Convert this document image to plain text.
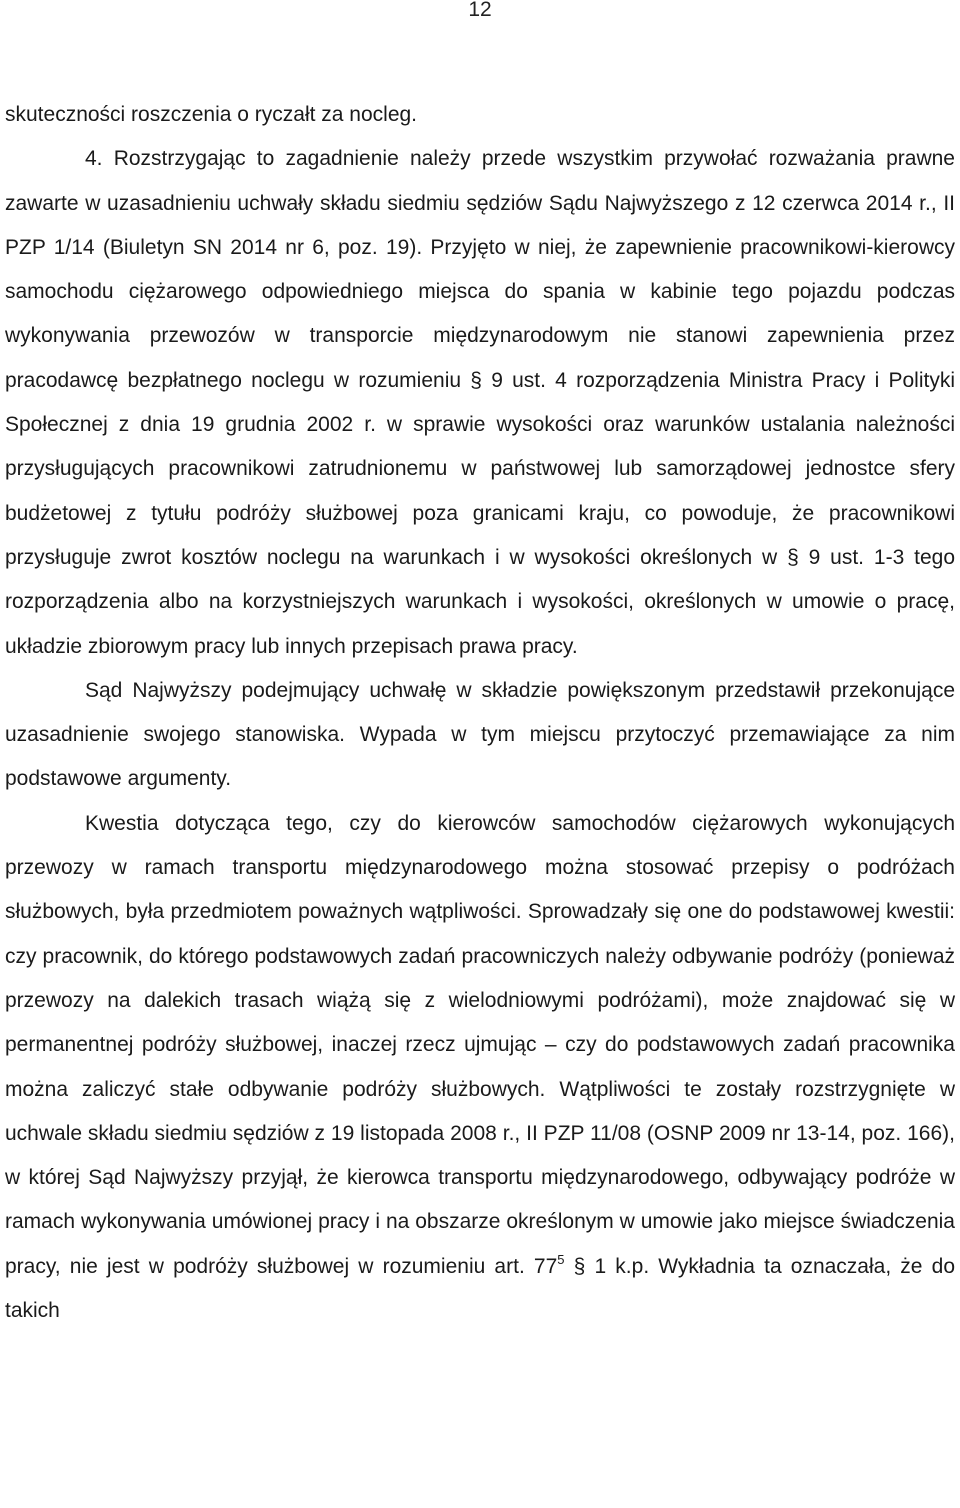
12

skuteczności roszczenia o ryczałt za nocleg.

4. Rozstrzygając to zagadnienie należy przede wszystkim przywołać rozważania prawne zawarte w uzasadnieniu uchwały składu siedmiu sędziów Sądu Najwyższego z 12 czerwca 2014 r., II PZP 1/14 (Biuletyn SN 2014 nr 6, poz. 19). Przyjęto w niej, że zapewnienie pracownikowi-kierowcy samochodu ciężarowego odpowiedniego miejsca do spania w kabinie tego pojazdu podczas wykonywania przewozów w transporcie międzynarodowym nie stanowi zapewnienia przez pracodawcę bezpłatnego noclegu w rozumieniu § 9 ust. 4 rozporządzenia Ministra Pracy i Polityki Społecznej z dnia 19 grudnia 2002 r. w sprawie wysokości oraz warunków ustalania należności przysługujących pracownikowi zatrudnionemu w państwowej lub samorządowej jednostce sfery budżetowej z tytułu podróży służbowej poza granicami kraju, co powoduje, że pracownikowi przysługuje zwrot kosztów noclegu na warunkach i w wysokości określonych w § 9 ust. 1-3 tego rozporządzenia albo na korzystniejszych warunkach i wysokości, określonych w umowie o pracę, układzie zbiorowym pracy lub innych przepisach prawa pracy.

Sąd Najwyższy podejmujący uchwałę w składzie powiększonym przedstawił przekonujące uzasadnienie swojego stanowiska. Wypada w tym miejscu przytoczyć przemawiające za nim podstawowe argumenty.

Kwestia dotycząca tego, czy do kierowców samochodów ciężarowych wykonujących przewozy w ramach transportu międzynarodowego można stosować przepisy o podróżach służbowych, była przedmiotem poważnych wątpliwości. Sprowadzały się one do podstawowej kwestii: czy pracownik, do którego podstawowych zadań pracowniczych należy odbywanie podróży (ponieważ przewozy na dalekich trasach wiążą się z wielodniowymi podróżami), może znajdować się w permanentnej podróży służbowej, inaczej rzecz ujmując – czy do podstawowych zadań pracownika można zaliczyć stałe odbywanie podróży służbowych. Wątpliwości te zostały rozstrzygnięte w uchwale składu siedmiu sędziów z 19 listopada 2008 r., II PZP 11/08 (OSNP 2009 nr 13-14, poz. 166), w której Sąd Najwyższy przyjął, że kierowca transportu międzynarodowego, odbywający podróże w ramach wykonywania umówionej pracy i na obszarze określonym w umowie jako miejsce świadczenia pracy, nie jest w podróży służbowej w rozumieniu art. $77^5$ § 1 k.p. Wykładnia ta oznaczała, że do takich
